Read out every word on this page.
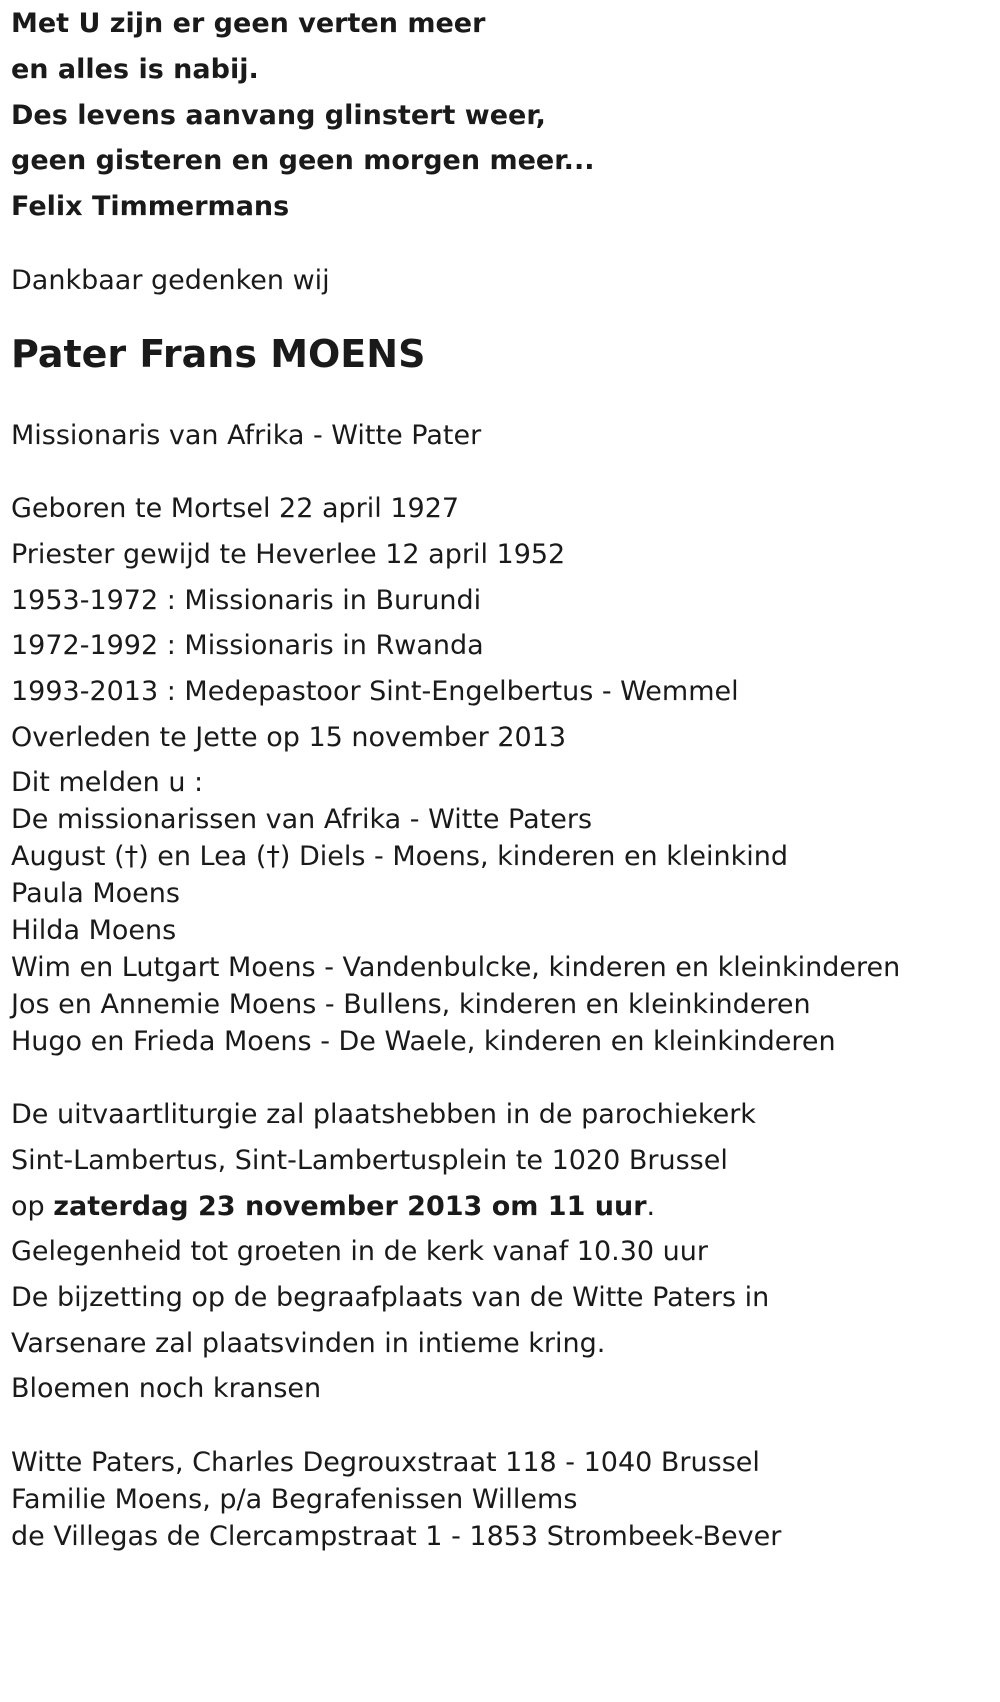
Met U zijn er geen verten meer
en alles is nabij.
Des levens aanvang glinstert weer,
geen gisteren en geen morgen meer...
Felix Timmermans
Dankbaar gedenken wij
Pater Frans MOENS
Missionaris van Afrika - Witte Pater
Geboren te Mortsel 22 april 1927
Priester gewijd te Heverlee 12 april 1952
1953-1972 : Missionaris in Burundi
1972-1992 : Missionaris in Rwanda
1993-2013 : Medepastoor Sint-Engelbertus - Wemmel
Overleden te Jette op 15 november 2013
Dit melden u :
De missionarissen van Afrika - Witte Paters
August (†) en Lea (†) Diels - Moens, kinderen en kleinkind
Paula Moens
Hilda Moens
Wim en Lutgart Moens - Vandenbulcke, kinderen en kleinkinderen
Jos en Annemie Moens - Bullens, kinderen en kleinkinderen
Hugo en Frieda Moens - De Waele, kinderen en kleinkinderen
De uitvaartliturgie zal plaatshebben in de parochiekerk
Sint-Lambertus, Sint-Lambertusplein te 1020 Brussel
op zaterdag 23 november 2013 om 11 uur.
Gelegenheid tot groeten in de kerk vanaf 10.30 uur
De bijzetting op de begraafplaats van de Witte Paters in
Varsenare zal plaatsvinden in intieme kring.
Bloemen noch kransen
Witte Paters, Charles Degrouxstraat 118 - 1040 Brussel
Familie Moens, p/a Begrafenissen Willems
de Villegas de Clercampstraat 1 - 1853 Strombeek-Bever
